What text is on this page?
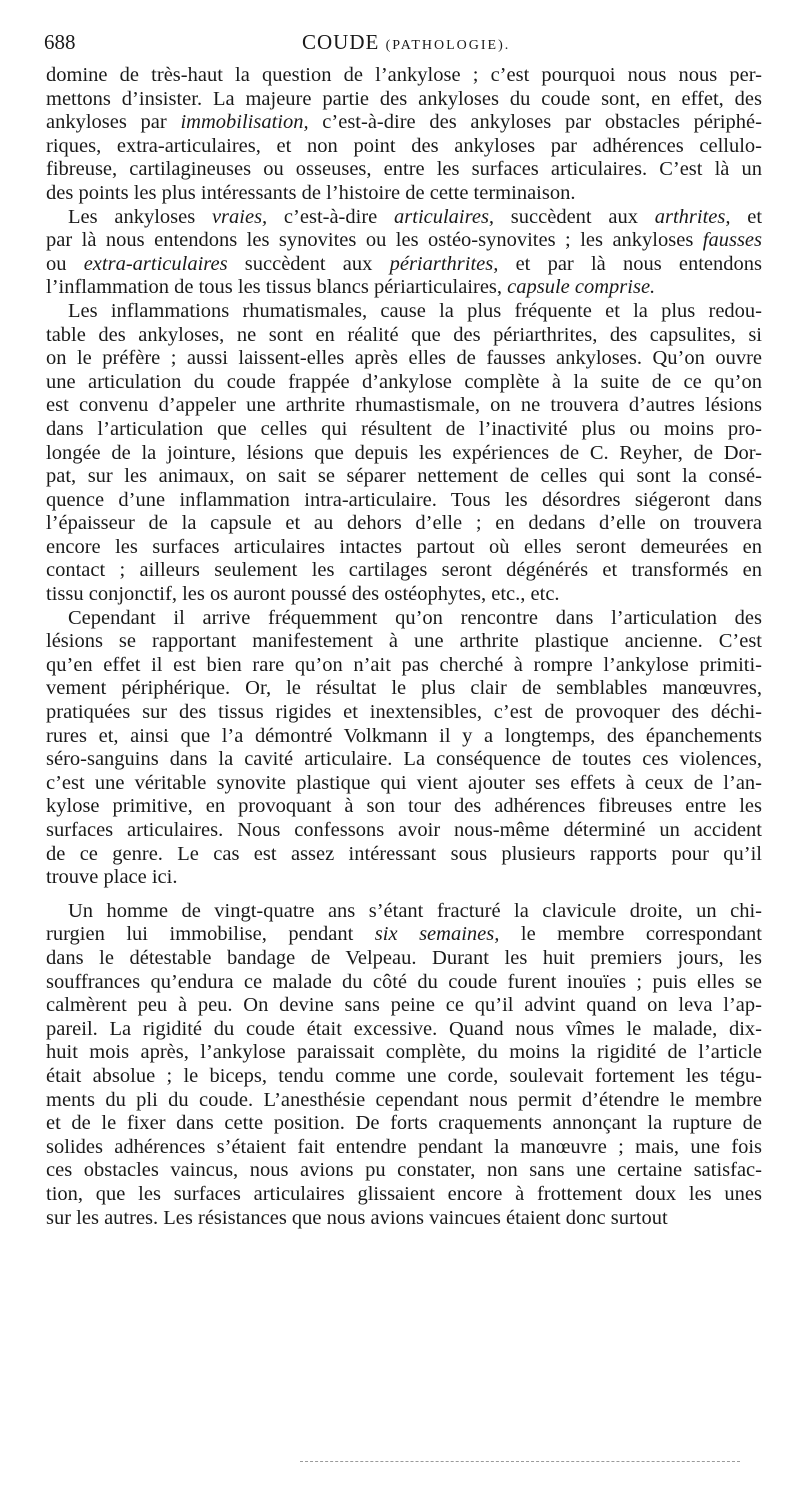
688	COUDE (PATHOLOGIE).
domine de très-haut la question de l’ankylose ; c’est pourquoi nous nous per-
mettons d’insister. La majeure partie des ankyloses du coude sont, en effet, des
ankyloses par immobilisation, c’est-à-dire des ankyloses par obstacles périphé-
riques, extra-articulaires, et non point des ankyloses par adhérences cellulo-
fibreuse, cartilagineuses ou osseuses, entre les surfaces articulaires. C’est là un
des points les plus intéressants de l’histoire de cette terminaison.
Les ankyloses vraies, c’est-à-dire articulaires, succèdent aux arthrites, et
par là nous entendons les synovites ou les ostéo-synovites ; les ankyloses fausses
ou extra-articulaires succèdent aux périarthrites, et par là nous entendons
l’inflammation de tous les tissus blancs périarticulaires, capsule comprise.
Les inflammations rhumatismales, cause la plus fréquente et la plus redou-
table des ankyloses, ne sont en réalité que des périarthrites, des capsulites, si
on le préfère ; aussi laissent-elles après elles de fausses ankyloses. Qu’on ouvre
une articulation du coude frappée d’ankylose complète à la suite de ce qu’on
est convenu d’appeler une arthrite rhumastismale, on ne trouvera d’autres lésions
dans l’articulation que celles qui résultent de l’inactivité plus ou moins pro-
longée de la jointure, lésions que depuis les expériences de C. Reyher, de Dor-
pat, sur les animaux, on sait se séparer nettement de celles qui sont la consé-
quence d’une inflammation intra-articulaire. Tous les désordres siégeront dans
l’épaisseur de la capsule et au dehors d’elle ; en dedans d’elle on trouvera
encore les surfaces articulaires intactes partout où elles seront demeurées en
contact ; ailleurs seulement les cartilages seront dégénérés et transformés en
tissu conjonctif, les os auront poussé des ostéophytes, etc., etc.
Cependant il arrive fréquemment qu’on rencontre dans l’articulation des
lésions se rapportant manifestement à une arthrite plastique ancienne. C’est
qu’en effet il est bien rare qu’on n’ait pas cherché à rompre l’ankylose primiti-
vement périphérique. Or, le résultat le plus clair de semblables manœuvres,
pratiquées sur des tissus rigides et inextensibles, c’est de provoquer des déchi-
rures et, ainsi que l’a démontré Volkmann il y a longtemps, des épanchements
séro-sanguins dans la cavité articulaire. La conséquence de toutes ces violences,
c’est une véritable synovite plastique qui vient ajouter ses effets à ceux de l’an-
kylose primitive, en provoquant à son tour des adhérences fibreuses entre les
surfaces articulaires. Nous confessons avoir nous-même déterminé un accident
de ce genre. Le cas est assez intéressant sous plusieurs rapports pour qu’il
trouve place ici.
Un homme de vingt-quatre ans s’étant fracturé la clavicule droite, un chi-
rurgien lui immobilise, pendant six semaines, le membre correspondant
dans le détestable bandage de Velpeau. Durant les huit premiers jours, les
souffrances qu’endura ce malade du côté du coude furent inouïes ; puis elles se
calmèrent peu à peu. On devine sans peine ce qu’il advint quand on leva l’ap-
pareil. La rigidité du coude était excessive. Quand nous vîmes le malade, dix-
huit mois après, l’ankylose paraissait complète, du moins la rigidité de l’article
était absolue ; le biceps, tendu comme une corde, soulevait fortement les tégu-
ments du pli du coude. L’anesthésie cependant nous permit d’étendre le membre
et de le fixer dans cette position. De forts craquements annonçant la rupture de
solides adhérences s’étaient fait entendre pendant la manœuvre ; mais, une fois
ces obstacles vaincus, nous avions pu constater, non sans une certaine satisfac-
tion, que les surfaces articulaires glissaient encore à frottement doux les unes
sur les autres. Les résistances que nous avions vaincues étaient donc surtout
